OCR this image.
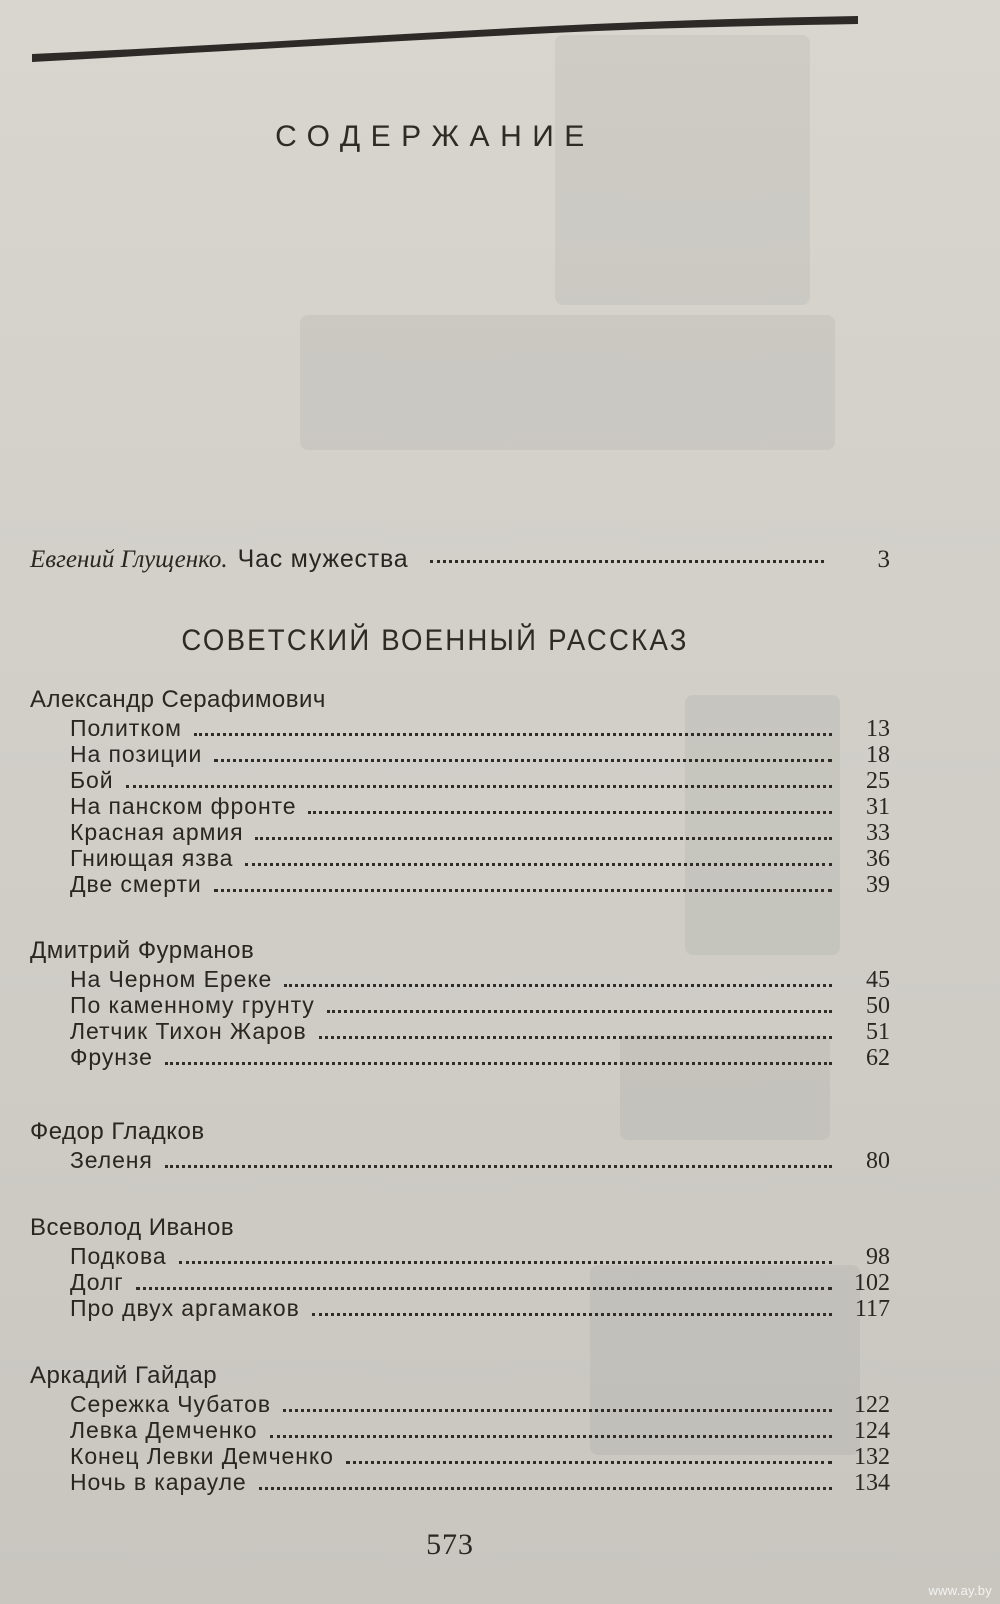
СОДЕРЖАНИЕ
Евгений Глущенко. Час мужества	3
СОВЕТСКИЙ ВОЕННЫЙ РАССКАЗ
Александр Серафимович
Политком	13
На позиции	18
Бой	25
На панском фронте	31
Красная армия	33
Гниющая язва	36
Две смерти	39
Дмитрий Фурманов
На Черном Ереке	45
По каменному грунту	50
Летчик Тихон Жаров	51
Фрунзе	62
Федор Гладков
Зеленя	80
Всеволод Иванов
Подкова	98
Долг	102
Про двух аргамаков	117
Аркадий Гайдар
Сережка Чубатов	122
Левка Демченко	124
Конец Левки Демченко	132
Ночь в карауле	134
573
www.ay.by
